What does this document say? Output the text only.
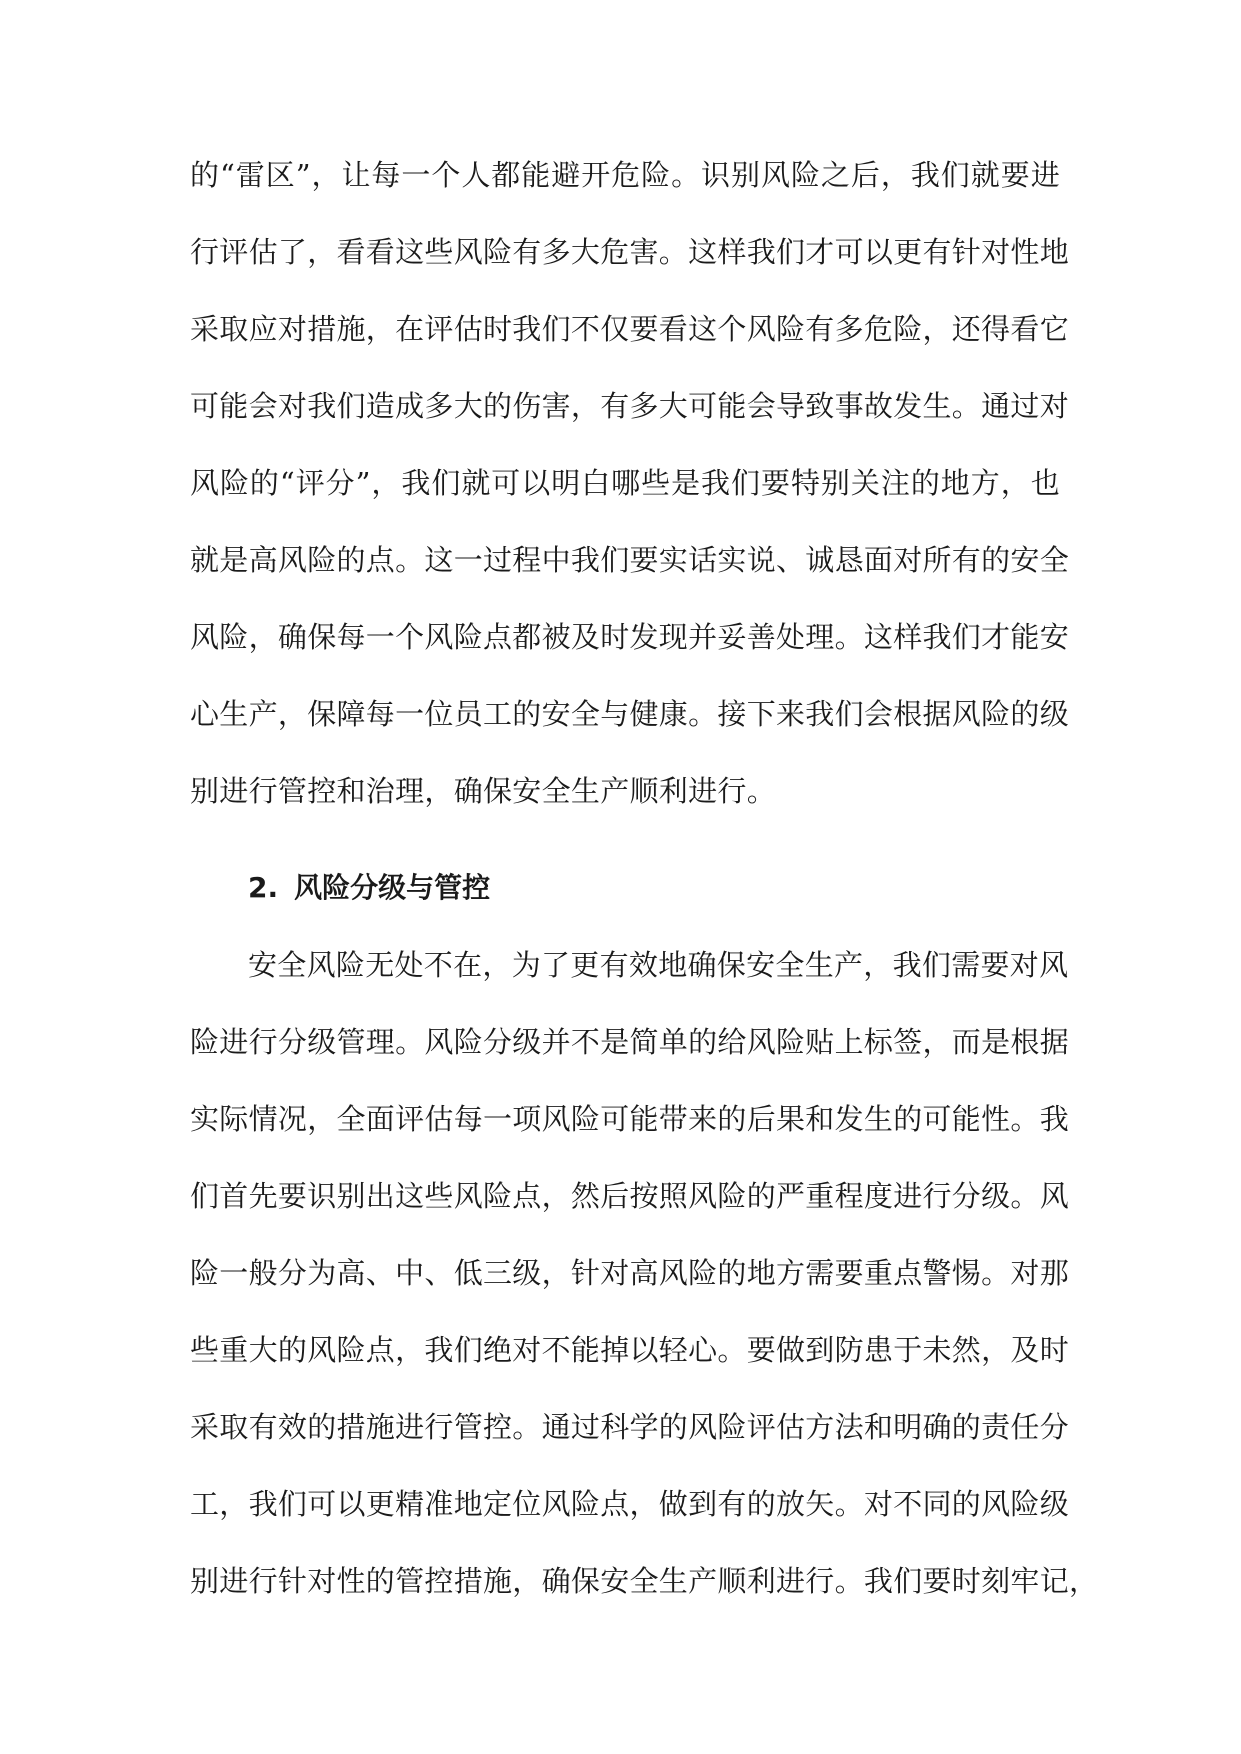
的“雷区”，让每一个人都能避开危险。识别风险之后，我们就要进

行评估了，看看这些风险有多大危害。这样我们才可以更有针对性地

采取应对措施，在评估时我们不仅要看这个风险有多危险，还得看它

可能会对我们造成多大的伤害，有多大可能会导致事故发生。通过对

风险的“评分”，我们就可以明白哪些是我们要特别关注的地方，也

就是高风险的点。这一过程中我们要实话实说、诚恳面对所有的安全

风险，确保每一个风险点都被及时发现并妥善处理。这样我们才能安

心生产，保障每一位员工的安全与健康。接下来我们会根据风险的级

别进行管控和治理，确保安全生产顺利进行。

2. 风险分级与管控

安全风险无处不在，为了更有效地确保安全生产，我们需要对风

险进行分级管理。风险分级并不是简单的给风险贴上标签，而是根据

实际情况，全面评估每一项风险可能带来的后果和发生的可能性。我

们首先要识别出这些风险点，然后按照风险的严重程度进行分级。风

险一般分为高、中、低三级，针对高风险的地方需要重点警惕。对那

些重大的风险点，我们绝对不能掉以轻心。要做到防患于未然，及时

采取有效的措施进行管控。通过科学的风险评估方法和明确的责任分

工，我们可以更精准地定位风险点，做到有的放矢。对不同的风险级

别进行针对性的管控措施，确保安全生产顺利进行。我们要时刻牢记，
